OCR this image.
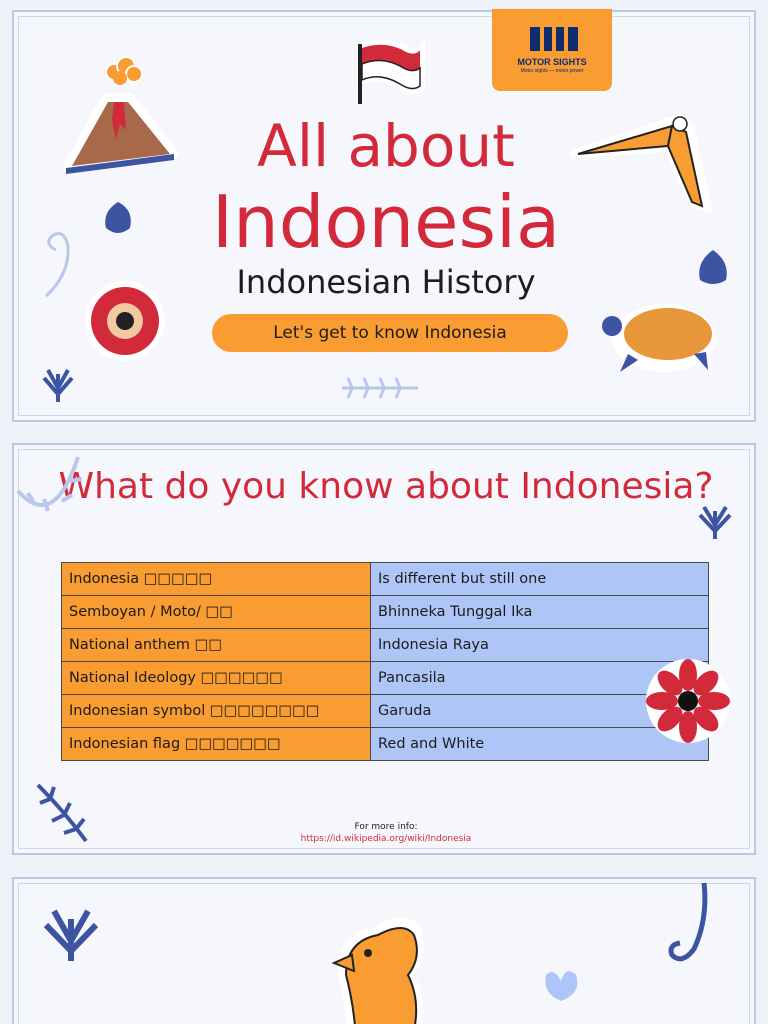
MOTOR SIGHTS
Motor sights — motor power
All about
Indonesia
Indonesian History
Let's get to know Indonesia
What do you know about Indonesia?
Indonesia □□□□□	Is different but still one
Semboyan / Moto/ □□	Bhinneka Tunggal Ika
National anthem □□	Indonesia Raya
National Ideology □□□□□□	Pancasila
Indonesian symbol □□□□□□□□	Garuda
Indonesian flag □□□□□□□	Red and White
For more info:
https://id.wikipedia.org/wiki/Indonesia
